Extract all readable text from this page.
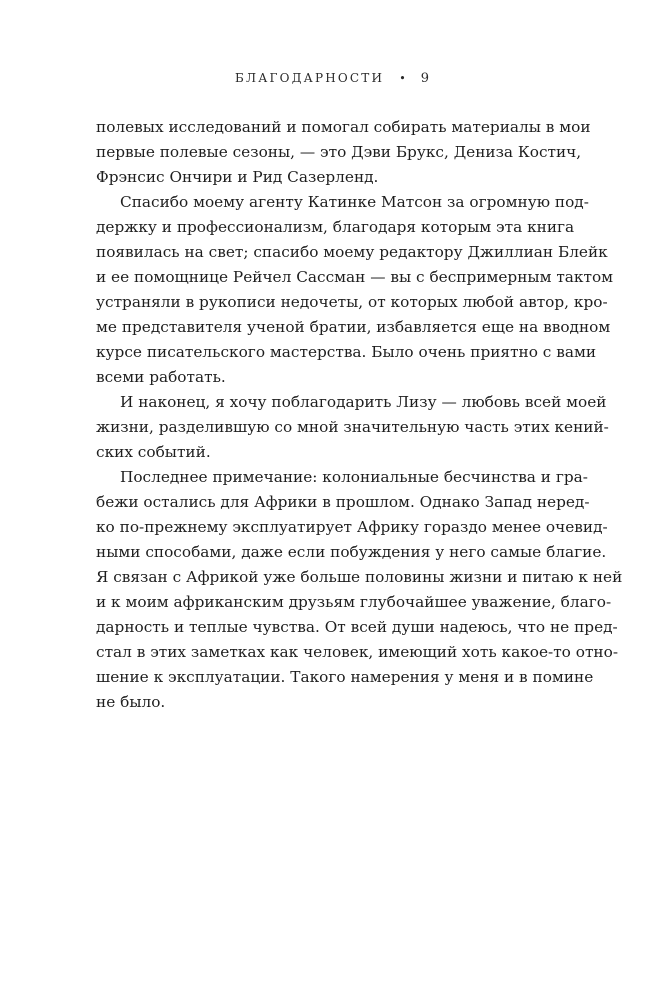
БЛАГОДАРНОСТИ • 9
полевых исследований и помогал собирать материалы в мои
первые полевые сезоны, — это Дэви Брукс, Дениза Костич,
Фрэнсис Ончири и Рид Сазерленд.
Спасибо моему агенту Катинке Матсон за огромную под-
держку и профессионализм, благодаря которым эта книга
появилась на свет; спасибо моему редактору Джиллиан Блейк
и ее помощнице Рейчел Сассман — вы с беспримерным тактом
устраняли в рукописи недочеты, от которых любой автор, кро-
ме представителя ученой братии, избавляется еще на вводном
курсе писательского мастерства. Было очень приятно с вами
всеми работать.
И наконец, я хочу поблагодарить Лизу — любовь всей моей
жизни, разделившую со мной значительную часть этих кений-
ских событий.
Последнее примечание: колониальные бесчинства и гра-
бежи остались для Африки в прошлом. Однако Запад неред-
ко по-прежнему эксплуатирует Африку гораздо менее очевид-
ными способами, даже если побуждения у него самые благие.
Я связан с Африкой уже больше половины жизни и питаю к ней
и к моим африканским друзьям глубочайшее уважение, благо-
дарность и теплые чувства. От всей души надеюсь, что не пред-
стал в этих заметках как человек, имеющий хоть какое-то отно-
шение к эксплуатации. Такого намерения у меня и в помине
не было.
